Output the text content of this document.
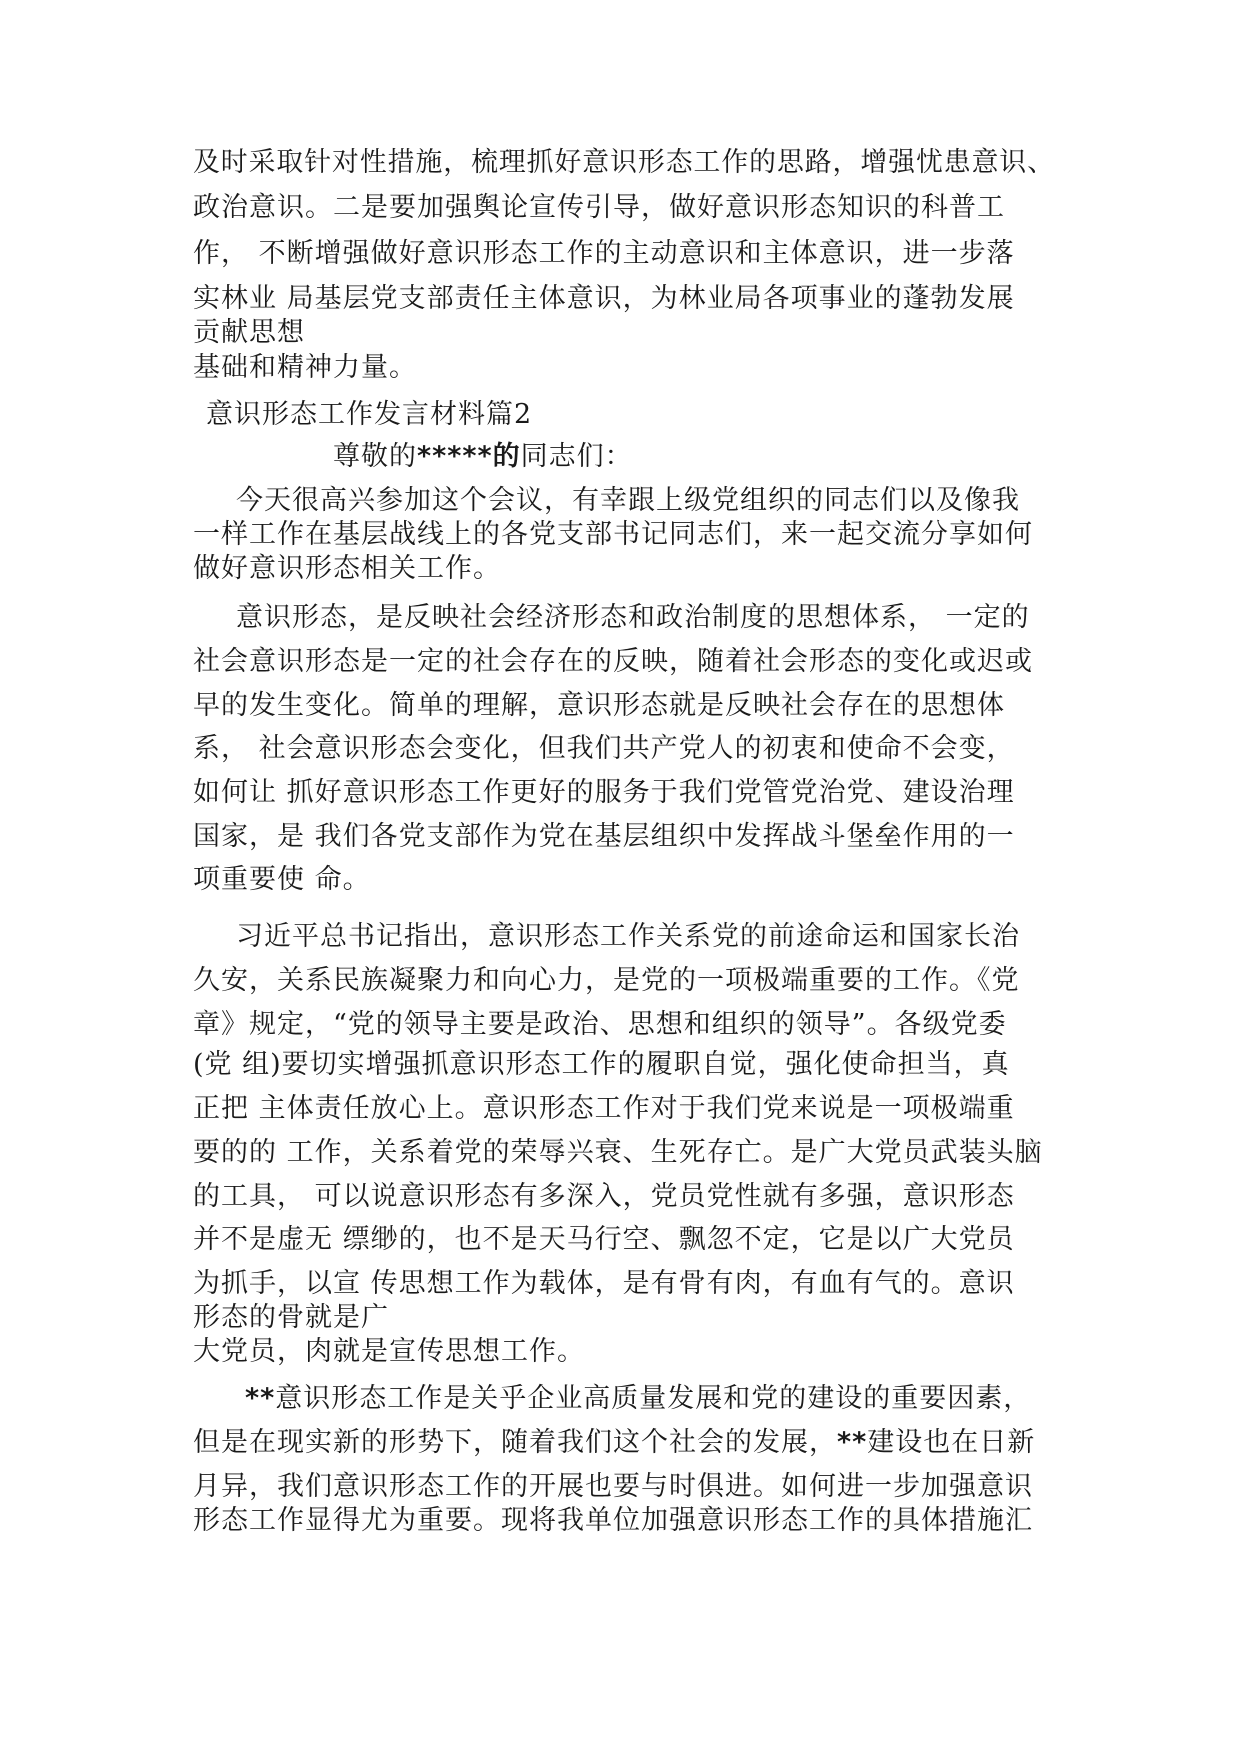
及时采取针对性措施，梳理抓好意识形态工作的思路，增强忧患意识、
政治意识。二是要加强舆论宣传引导，做好意识形态知识的科普工
作， 不断增强做好意识形态工作的主动意识和主体意识，进一步落
实林业 局基层党支部责任主体意识，为林业局各项事业的蓬勃发展
贡献思想
基础和精神力量。
意识形态工作发言材料篇2
尊敬的*****的同志们：
今天很高兴参加这个会议，有幸跟上级党组织的同志们以及像我
一样工作在基层战线上的各党支部书记同志们，来一起交流分享如何
做好意识形态相关工作。
意识形态，是反映社会经济形态和政治制度的思想体系， 一定的
社会意识形态是一定的社会存在的反映，随着社会形态的变化或迟或
早的发生变化。简单的理解，意识形态就是反映社会存在的思想体
系， 社会意识形态会变化，但我们共产党人的初衷和使命不会变，
如何让 抓好意识形态工作更好的服务于我们党管党治党、建设治理
国家，是 我们各党支部作为党在基层组织中发挥战斗堡垒作用的一
项重要使 命。
习近平总书记指出，意识形态工作关系党的前途命运和国家长治
久安，关系民族凝聚力和向心力，是党的一项极端重要的工作。《党
章》规定，“党的领导主要是政治、思想和组织的领导”。各级党委
(党 组)要切实增强抓意识形态工作的履职自觉，强化使命担当，真
正把 主体责任放心上。意识形态工作对于我们党来说是一项极端重
要的的 工作，关系着党的荣辱兴衰、生死存亡。是广大党员武装头脑
的工具， 可以说意识形态有多深入，党员党性就有多强，意识形态
并不是虚无 缥缈的，也不是天马行空、飘忽不定，它是以广大党员
为抓手，以宣 传思想工作为载体，是有骨有肉，有血有气的。意识
形态的骨就是广
大党员，肉就是宣传思想工作。
**意识形态工作是关乎企业高质量发展和党的建设的重要因素，
但是在现实新的形势下，随着我们这个社会的发展，**建设也在日新
月异，我们意识形态工作的开展也要与时俱进。如何进一步加强意识
形态工作显得尤为重要。现将我单位加强意识形态工作的具体措施汇
